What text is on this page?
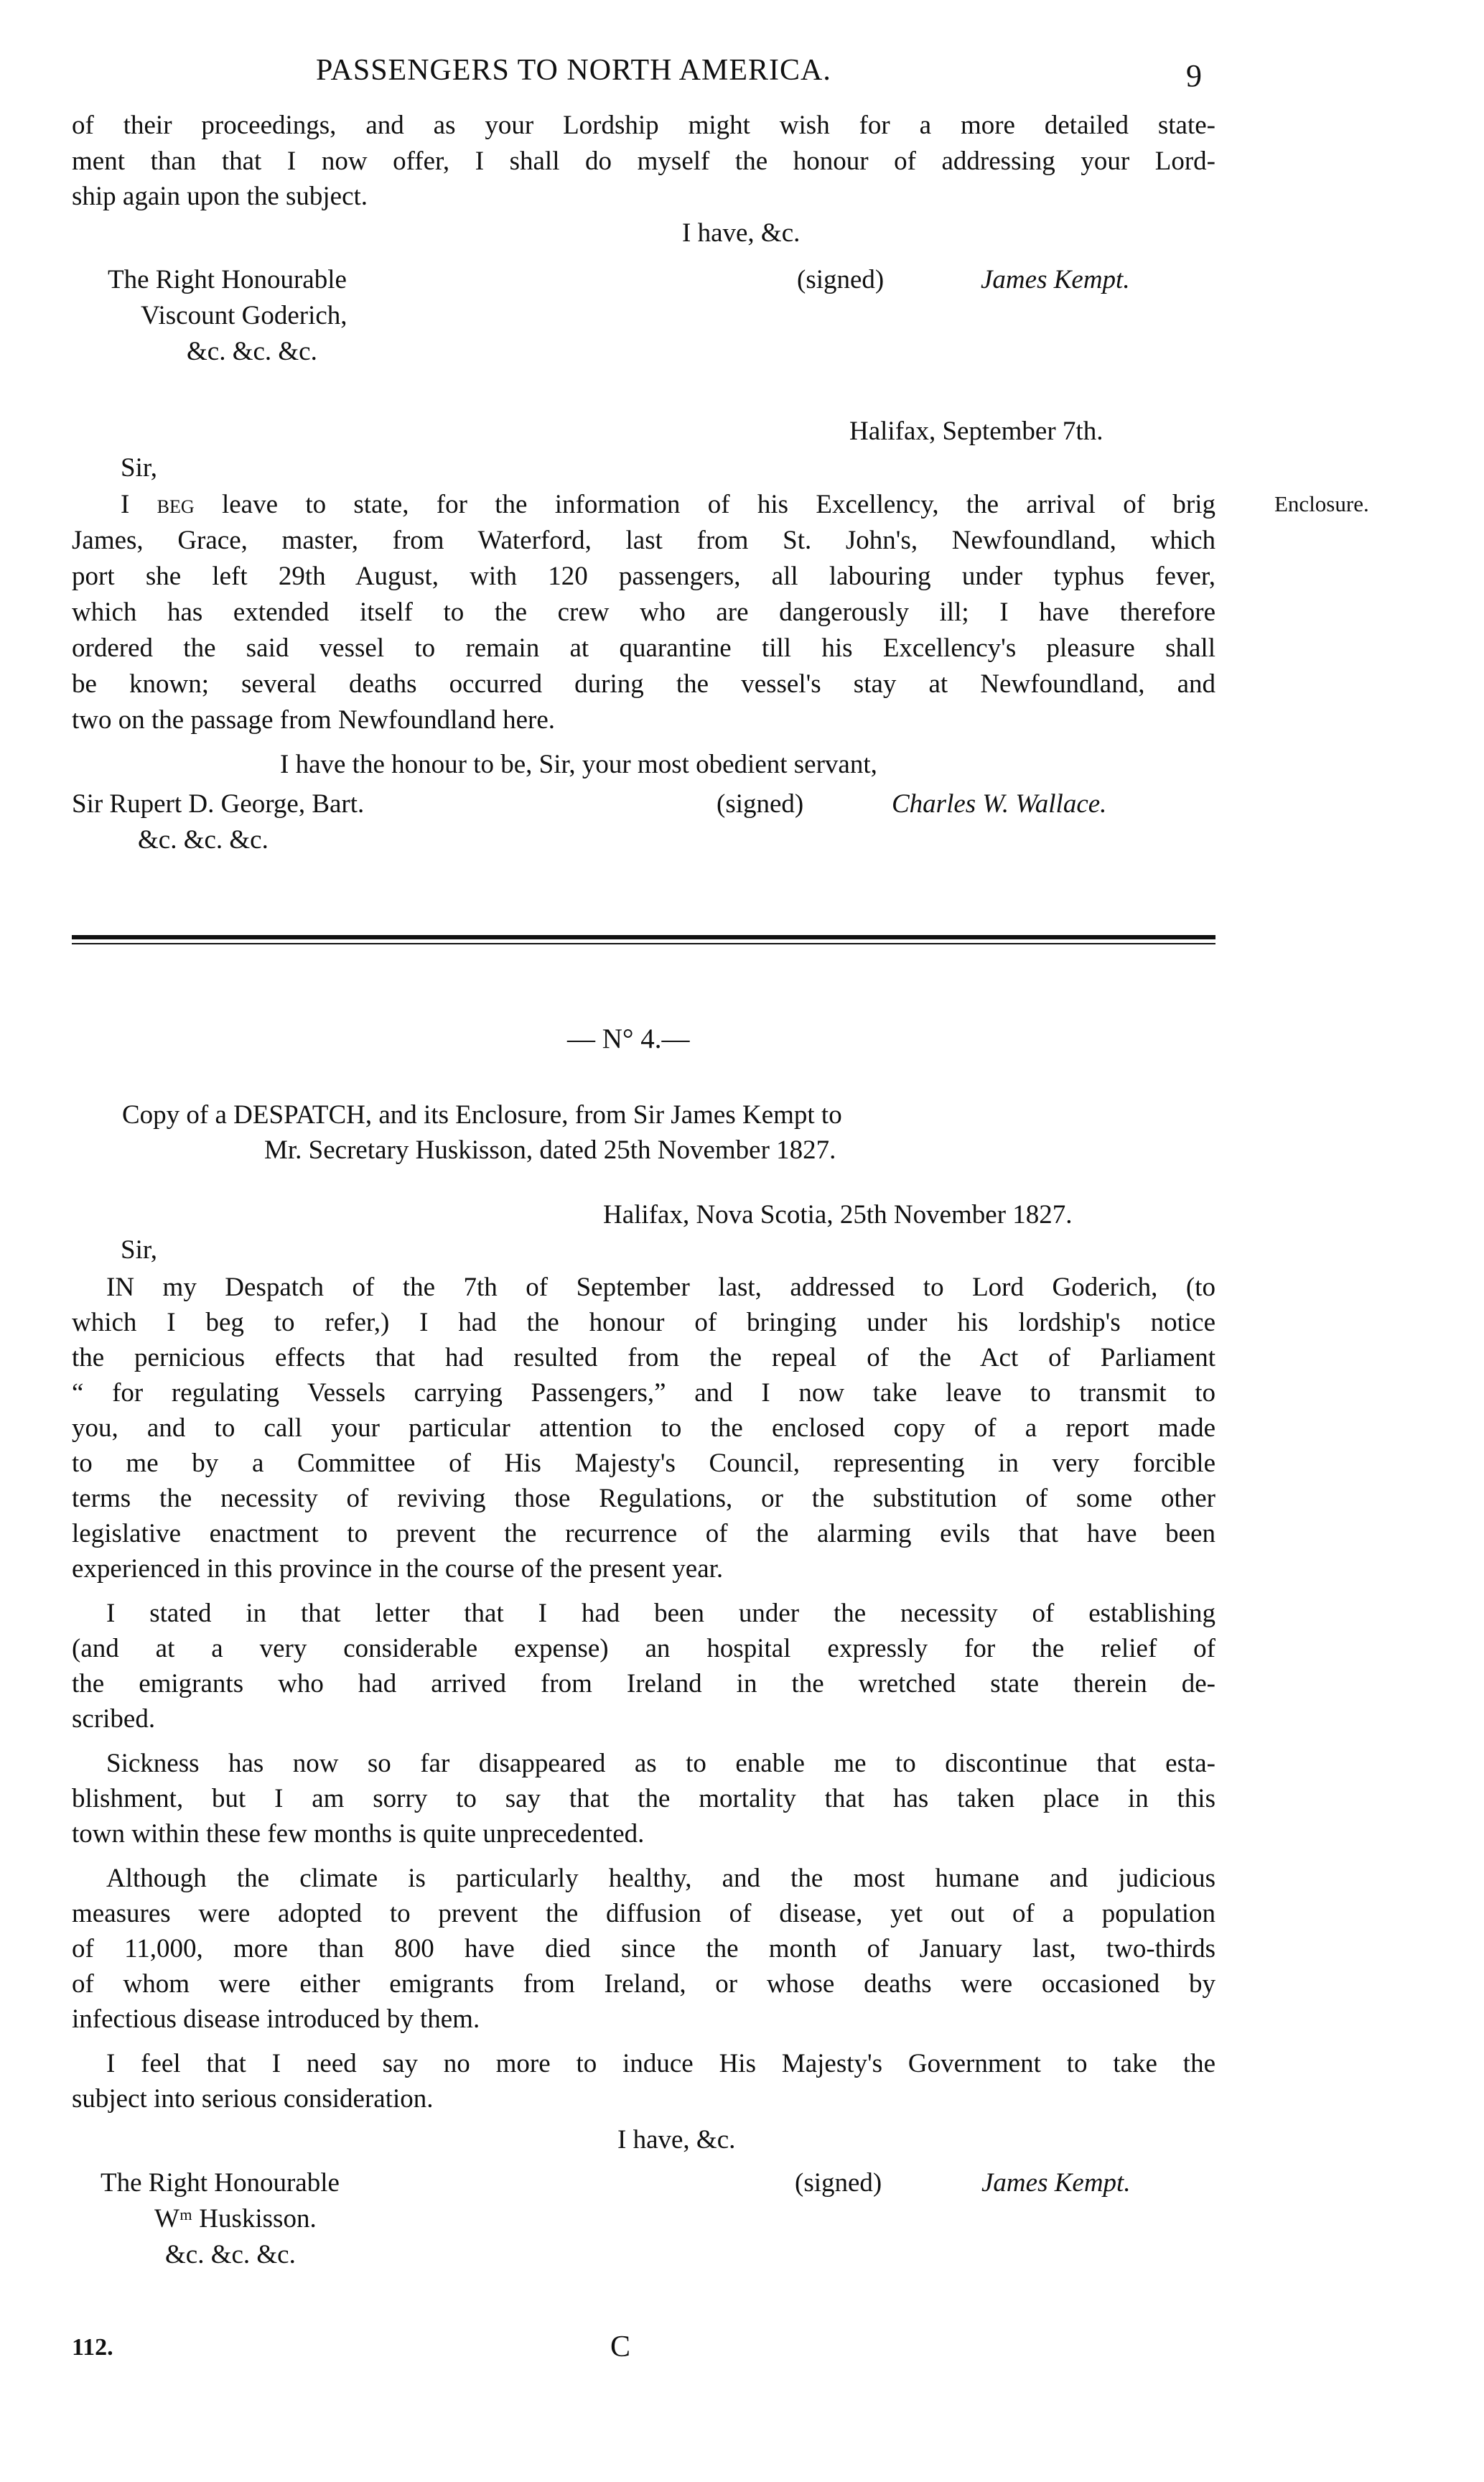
PASSENGERS TO NORTH AMERICA.	9
of their proceedings, and as your Lordship might wish for a more detailed state-
ment than that I now offer, I shall do myself the honour of addressing your Lord-
ship again upon the subject.
I have, &c.
The Right Honourable
Viscount Goderich,
&c. &c. &c.
(signed)	James Kempt.
Halifax, September 7th.
Sir,
Enclosure.
I beg leave to state, for the information of his Excellency, the arrival of brig
James, Grace, master, from Waterford, last from St. John's, Newfoundland, which
port she left 29th August, with 120 passengers, all labouring under typhus fever,
which has extended itself to the crew who are dangerously ill; I have therefore
ordered the said vessel to remain at quarantine till his Excellency's pleasure shall
be known; several deaths occurred during the vessel's stay at Newfoundland, and
two on the passage from Newfoundland here.
I have the honour to be, Sir, your most obedient servant,
Sir Rupert D. George, Bart.
&c. &c. &c.
(signed)	Charles W. Wallace.
— N° 4.—
Copy of a DESPATCH, and its Enclosure, from Sir James Kempt to
Mr. Secretary Huskisson, dated 25th November 1827.
Halifax, Nova Scotia, 25th November 1827.
Sir,
IN my Despatch of the 7th of September last, addressed to Lord Goderich, (to
which I beg to refer,) I had the honour of bringing under his lordship's notice
the pernicious effects that had resulted from the repeal of the Act of Parliament
“ for regulating Vessels carrying Passengers,” and I now take leave to transmit to
you, and to call your particular attention to the enclosed copy of a report made
to me by a Committee of His Majesty's Council, representing in very forcible
terms the necessity of reviving those Regulations, or the substitution of some other
legislative enactment to prevent the recurrence of the alarming evils that have been
experienced in this province in the course of the present year.
I stated in that letter that I had been under the necessity of establishing
(and at a very considerable expense) an hospital expressly for the relief of
the emigrants who had arrived from Ireland in the wretched state therein de-
scribed.
Sickness has now so far disappeared as to enable me to discontinue that esta-
blishment, but I am sorry to say that the mortality that has taken place in this
town within these few months is quite unprecedented.
Although the climate is particularly healthy, and the most humane and judicious
measures were adopted to prevent the diffusion of disease, yet out of a population
of 11,000, more than 800 have died since the month of January last, two-thirds
of whom were either emigrants from Ireland, or whose deaths were occasioned by
infectious disease introduced by them.
I feel that I need say no more to induce His Majesty's Government to take the
subject into serious consideration.
I have, &c.
The Right Honourable
Wᵐ Huskisson.
&c. &c. &c.
(signed)	James Kempt.
112.	C
